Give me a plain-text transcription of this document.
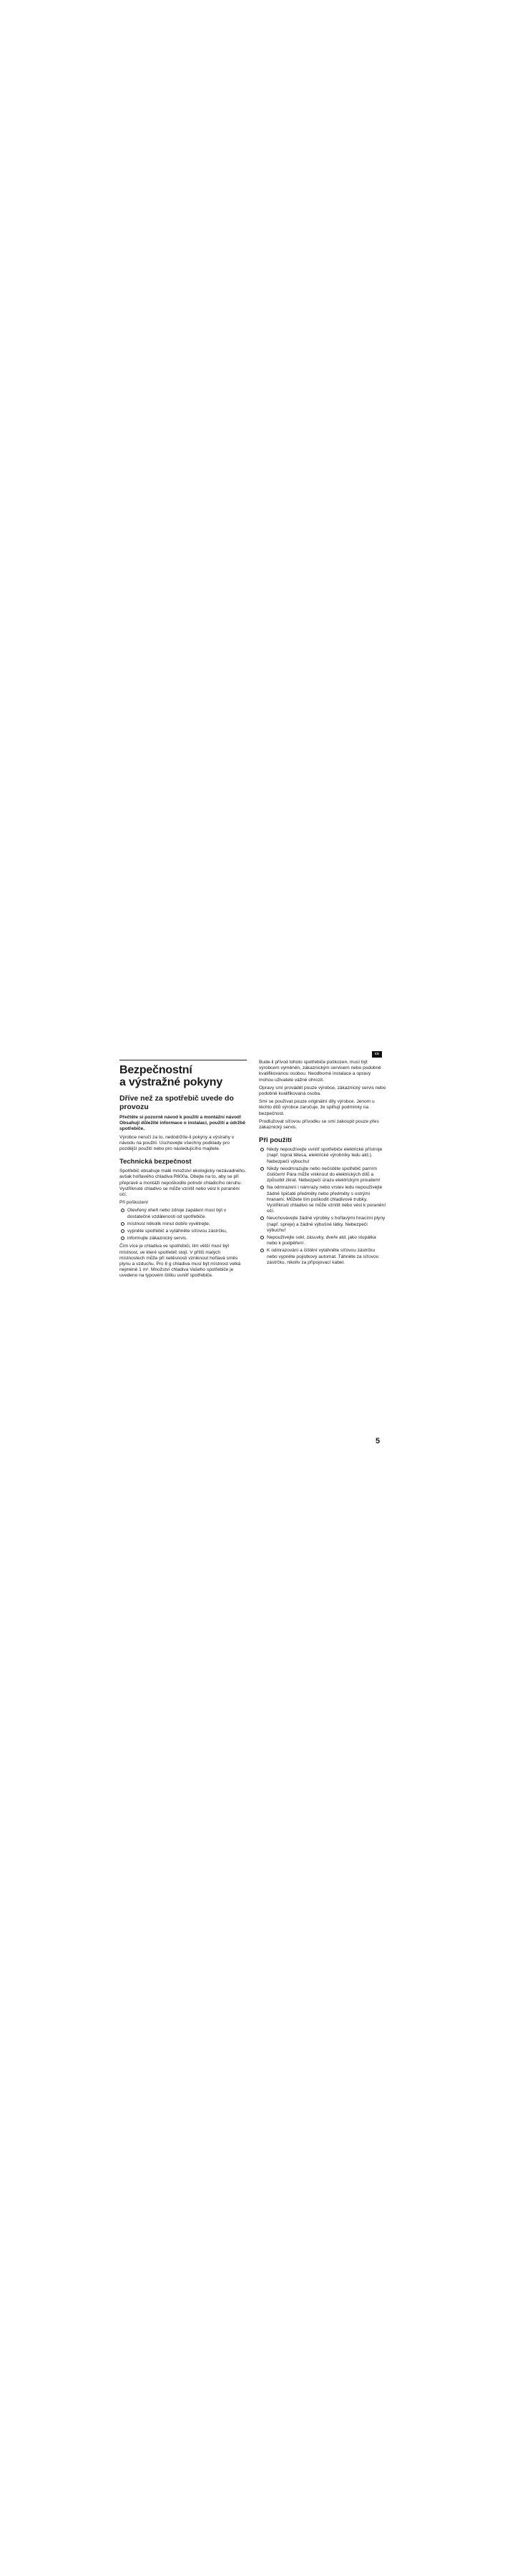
cs
Bezpečnostní
a výstražné pokyny
Dříve než za spotřebič uvede do provozu

Přečtěte si pozorně návod k použití a montážní návod! Obsahují důležité informace o instalaci, použití a údržbě spotřebiče.

Výrobce neručí za to, nedodržíte-li pokyny a výstrahy v návodu na použití. Uschovejte všechny podklady pro pozdější použití nebo pro následujícího majitele.

Technická bezpečnost

Spotřebič obsahuje malé množství ekologicky nezávadného, avšak hořlavého chladiva R600a. Dbejte na to, aby se při přepravě a montáži nepoškodilo potrubí chladicího okruhu. Vystříknuté chladivo se může vznítit nebo vést k poranění očí.

Při poškození

Otevřený oheň nebo zdroje zapálení musí být v dostatečné vzdálenosti od spotřebiče.
místnost několik minut dobře vyvětrejte,
vypněte spotřebič a vytáhněte síťovou zástrčku,
informujte zákaznický servis.

Čím více je chladiva ve spotřebiči, tím větší musí být místnost, ve které spotřebič stojí. V příliš malých místnostech může při netěsnosti vzniknout hořlavá směs plynu a vzduchu. Pro 8 g chladiva musí být místnost velká nejméně 1 m³. Množství chladiva Vašeho spotřebiče je uvedeno na typovém štítku uvnitř spotřebiče.

Bude-li přívod tohoto spotřebiče poškozen, musí být výrobcem vyměněn, zákaznickým servisem nebo podobně kvalifikovanou osobou. Neodborné instalace a opravy mohou uživatele vážně ohrozit.

Opravy smí provádět pouze výrobce, zákaznický servis nebo podobně kvalifikovaná osoba.

Smí se používat pouze originální díly výrobce. Jenom u těchto dílů výrobce zaručuje, že splňují podmínky na bezpečnost.

Prodlužovat síťovou přívodku se smí zakoupit pouze přes zákaznický servis.

Při použití
Nikdy nepoužívejte uvnitř spotřebiče elektrické přístroje (např. topná tělesa, elektrické výrobníky ledu atd.). Nebezpečí výbuchu!
Nikdy neodmrazujte nebo nečistěte spotřebič parním čističem! Pára může vniknout do elektrických dílů a způsobit zkrat. Nebezpečí úrazu elektrickým proudem!
Na odmrazení i námrazy nebo vrstev ledu nepoužívejte žádné špičaté předměty nebo předměty s ostrými hranami. Můžete tím poškodit chladivové trubky. Vystříknutí chladivo se může vznítit nebo vést k poranění očí.
Neuchovávejte žádné výrobky s hořlavými hnacími plyny (např. spreje) a žádné výbušné látky. Nebezpečí výbuchu!
Nepoužívejte sokl, zásuvky, dveře atd. jako stupátka nebo k podpěření.
K odmrazování a čištění vytáhněte síťovou zástrčku nebo vypněte pojistkový automat. Táhněte za síťovou zástrčku, nikoliv za přípojovací kabel.
5
